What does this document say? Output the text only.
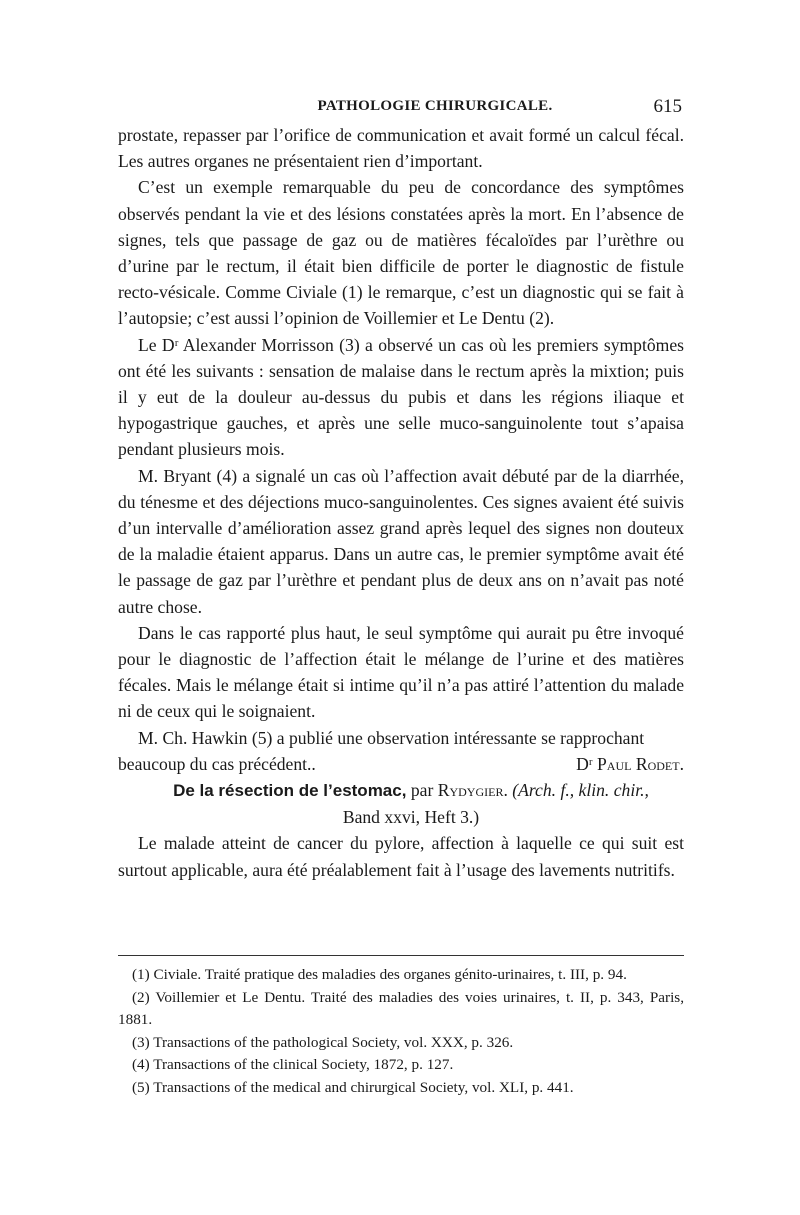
PATHOLOGIE CHIRURGICALE.	615

prostate, repasser par l’orifice de communication et avait formé un calcul fécal. Les autres organes ne présentaient rien d’important.

C’est un exemple remarquable du peu de concordance des symptômes observés pendant la vie et des lésions constatées après la mort. En l’absence de signes, tels que passage de gaz ou de matières fécaloïdes par l’urèthre ou d’urine par le rectum, il était bien difficile de porter le diagnostic de fistule recto-vésicale. Comme Civiale (1) le remarque, c’est un diagnostic qui se fait à l’autopsie; c’est aussi l’opinion de Voillemier et Le Dentu (2).

Le Dʳ Alexander Morrisson (3) a observé un cas où les premiers symptômes ont été les suivants : sensation de malaise dans le rectum après la mixtion; puis il y eut de la douleur au-dessus du pubis et dans les régions iliaque et hypogastrique gauches, et après une selle muco-sanguinolente tout s’apaisa pendant plusieurs mois.

M. Bryant (4) a signalé un cas où l’affection avait débuté par de la diarrhée, du ténesme et des déjections muco-sanguinolentes. Ces signes avaient été suivis d’un intervalle d’amélioration assez grand après lequel des signes non douteux de la maladie étaient apparus. Dans un autre cas, le premier symptôme avait été le passage de gaz par l’urèthre et pendant plus de deux ans on n’avait pas noté autre chose.

Dans le cas rapporté plus haut, le seul symptôme qui aurait pu être invoqué pour le diagnostic de l’affection était le mélange de l’urine et des matières fécales. Mais le mélange était si intime qu’il n’a pas attiré l’attention du malade ni de ceux qui le soignaient.

M. Ch. Hawkin (5) a publié une observation intéressante se rapprochant beaucoup du cas précédent..	Dʳ Paul Rodet.

De la résection de l’estomac, par Rydygier. (Arch. f., klin. chir.,
Band xxvi, Heft 3.)

Le malade atteint de cancer du pylore, affection à laquelle ce qui suit est surtout applicable, aura été préalablement fait à l’usage des lavements nutritifs.

(1) Civiale. Traité pratique des maladies des organes génito-urinaires, t. III, p. 94.

(2) Voillemier et Le Dentu. Traité des maladies des voies urinaires, t. II, p. 343, Paris, 1881.

(3) Transactions of the pathological Society, vol. XXX, p. 326.

(4) Transactions of the clinical Society, 1872, p. 127.

(5) Transactions of the medical and chirurgical Society, vol. XLI, p. 441.
